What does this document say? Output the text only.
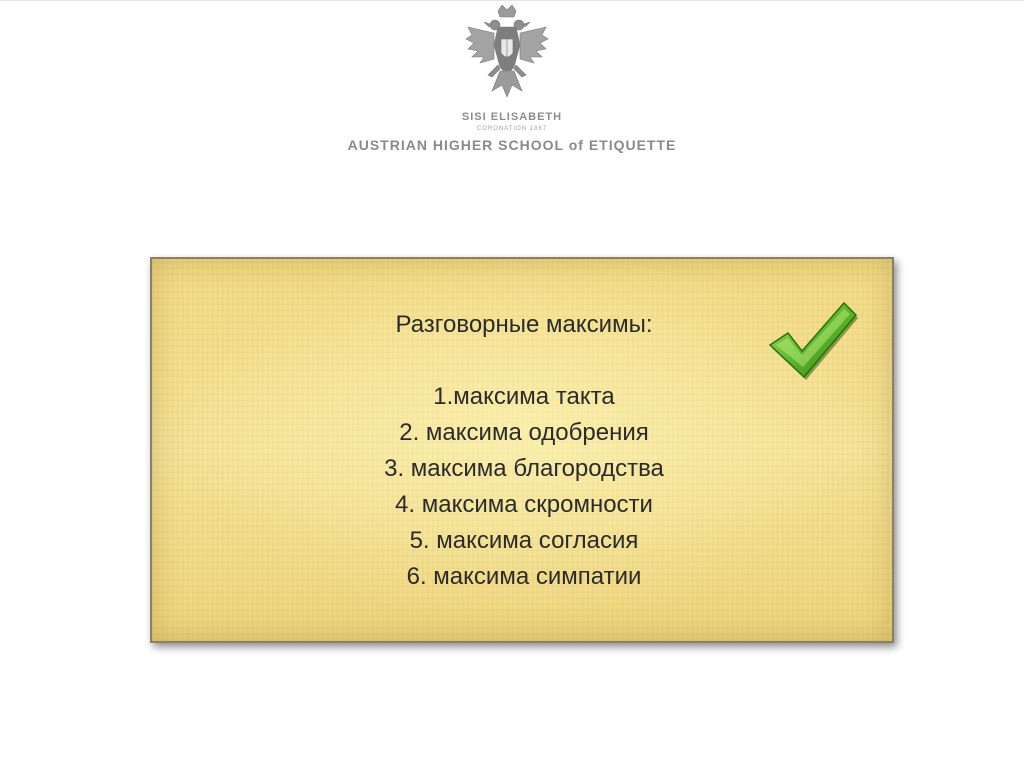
SISI ELISABETH
CORONATION 1867
AUSTRIAN HIGHER SCHOOL of ETIQUETTE

Разговорные максимы:

1.максима такта
2. максима одобрения
3. максима благородства
4. максима скромности
5. максима согласия
6. максима симпатии
